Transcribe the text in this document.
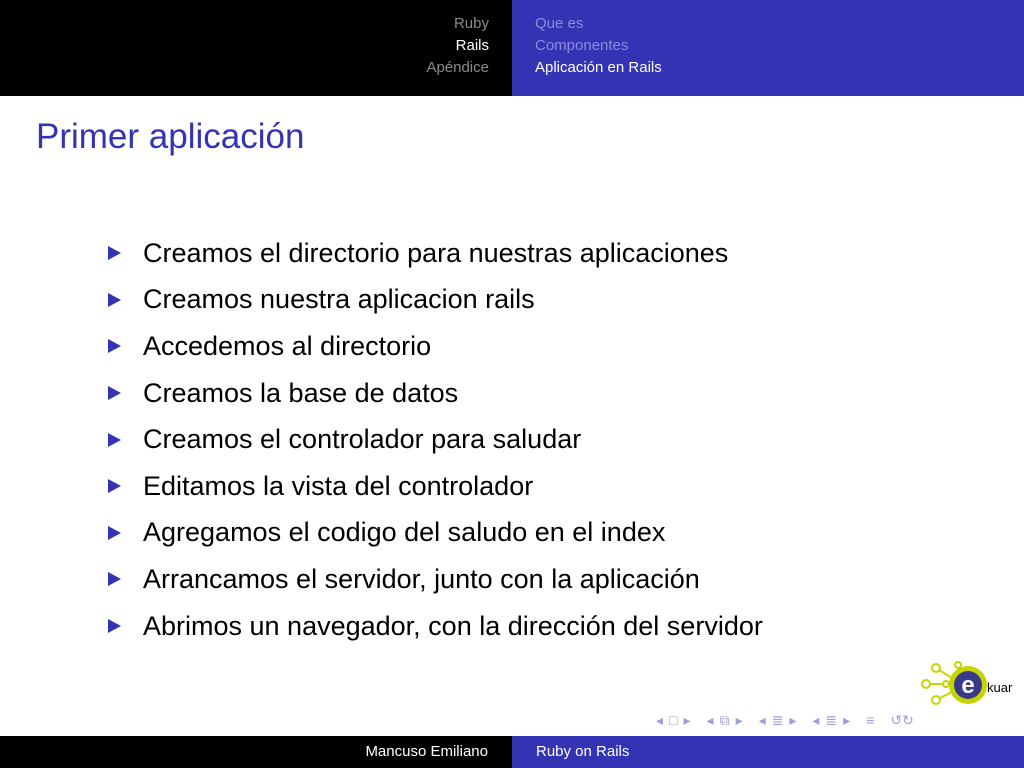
Ruby
Rails
Apéndice
Que es
Componentes
Aplicación en Rails
Primer aplicación
Creamos el directorio para nuestras aplicaciones
Creamos nuestra aplicacion rails
Accedemos al directorio
Creamos la base de datos
Creamos el controlador para saludar
Editamos la vista del controlador
Agregamos el codigo del saludo en el index
Arrancamos el servidor, junto con la aplicación
Abrimos un navegador, con la dirección del servidor
e kuar
◂ □ ▸ ◂ ⧉ ▸ ◂ ≣ ▸ ◂ ≣ ▸ ≡ ↺↻
Mancuso Emiliano	Ruby on Rails
